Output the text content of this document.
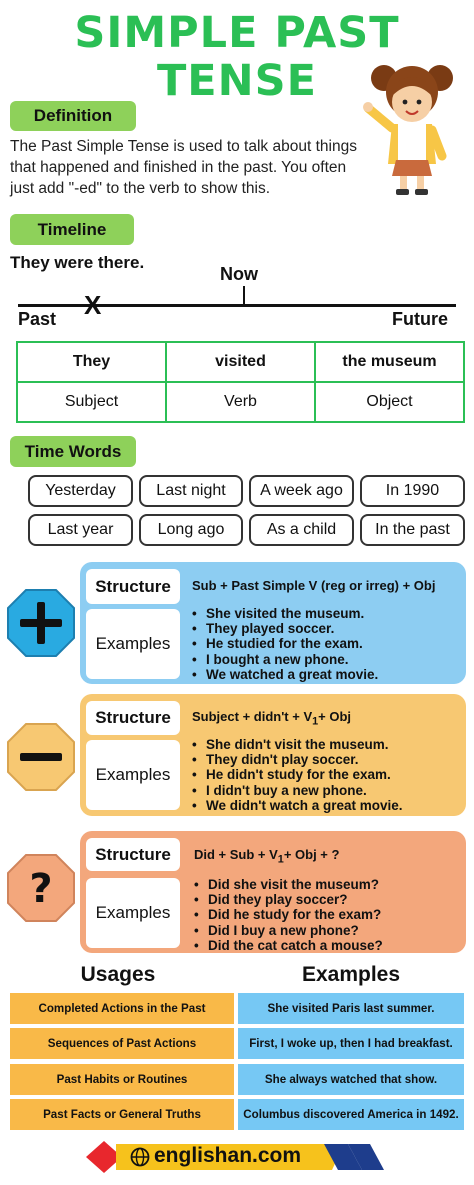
SIMPLE PAST
TENSE
Definition
The Past Simple Tense is used to talk about things that happened and finished in the past. You often just add "-ed" to the verb to show this.
Timeline
They were there.
Now
X
Past	Future
They	visited	the museum
Subject	Verb	Object
Time Words
Yesterday	Last night	A week ago	In 1990
Last year	Long ago	As a child	In the past
Structure	Sub + Past Simple V (reg or irreg) + Obj
Examples
• She visited the museum.
• They played soccer.
• He studied for the exam.
• I bought a new phone.
• We watched a great movie.
Structure	Subject + didn't + $V_1+$ Obj
Examples
• She didn't visit the museum.
• They didn't play soccer.
• He didn't study for the exam.
• I didn't buy a new phone.
• We didn't watch a great movie.
?
Structure	Did + Sub + $V_1+$ Obj + ?
Examples
• Did she visit the museum?
• Did they play soccer?
• Did he study for the exam?
• Did I buy a new phone?
• Did the cat catch a mouse?
Usages	Examples
Completed Actions in the Past	She visited Paris last summer.
Sequences of Past Actions	First, I woke up, then I had breakfast.
Past Habits or Routines	She always watched that show.
Past Facts or General Truths	Columbus discovered America in 1492.
englishan.com
